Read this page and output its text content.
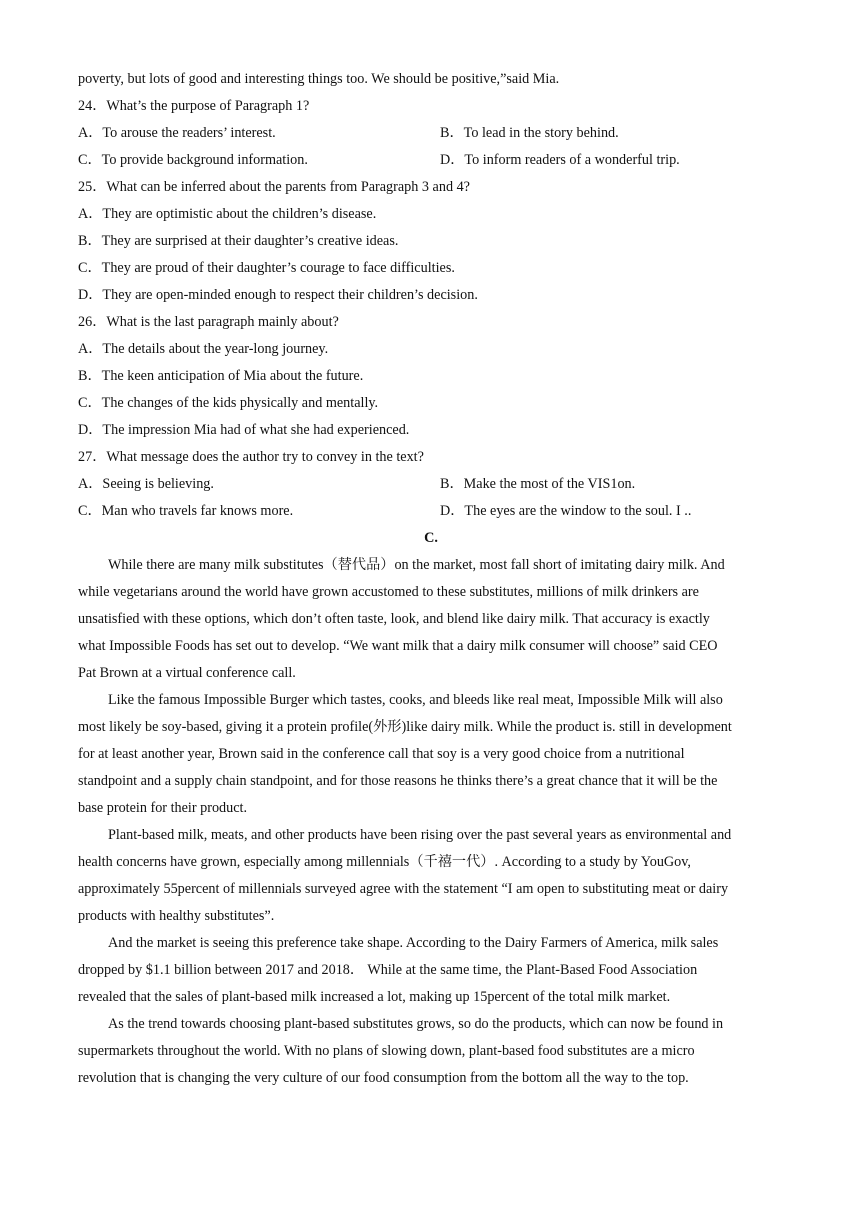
poverty, but lots of good and interesting things too. We should be positive,”said Mia.
24．What’s the purpose of Paragraph 1?
A．To arouse the readers’ interest.	B．To lead in the story behind.
C．To provide background information.	D．To inform readers of a wonderful trip.
25．What can be inferred about the parents from Paragraph 3 and 4?
A．They are optimistic about the children’s disease.
B．They are surprised at their daughter’s creative ideas.
C．They are proud of their daughter’s courage to face difficulties.
D．They are open-minded enough to respect their children’s decision.
26．What is the last paragraph mainly about?
A．The details about the year-long journey.
B．The keen anticipation of Mia about the future.
C．The changes of the kids physically and mentally.
D．The impression Mia had of what she had experienced.
27．What message does the author try to convey in the text?
A．Seeing is believing.	B．Make the most of the VIS1on.
C．Man who travels far knows more.	D．The eyes are the window to the soul. I ..
C.
While there are many milk substitutes（替代品）on the market, most fall short of imitating dairy milk. And
while vegetarians around the world have grown accustomed to these substitutes, millions of milk drinkers are
unsatisfied with these options, which don’t often taste, look, and blend like dairy milk. That accuracy is exactly
what Impossible Foods has set out to develop. “We want milk that a dairy milk consumer will choose” said CEO
Pat Brown at a virtual conference call.
Like the famous Impossible Burger which tastes, cooks, and bleeds like real meat, Impossible Milk will also
most likely be soy-based, giving it a protein profile(外形)like dairy milk. While the product is. still in development
for at least another year, Brown said in the conference call that soy is a very good choice from a nutritional
standpoint and a supply chain standpoint, and for those reasons he thinks there’s a great chance that it will be the
base protein for their product.
Plant-based milk, meats, and other products have been rising over the past several years as environmental and
health concerns have grown, especially among millennials（千禧一代）. According to a study by YouGov,
approximately 55percent of millennials surveyed agree with the statement “I am open to substituting meat or dairy
products with healthy substitutes”.
And the market is seeing this preference take shape. According to the Dairy Farmers of America, milk sales
dropped by $1.1 billion between 2017 and 2018． While at the same time, the Plant-Based Food Association
revealed that the sales of plant-based milk increased a lot, making up 15percent of the total milk market.
As the trend towards choosing plant-based substitutes grows, so do the products, which can now be found in
supermarkets throughout the world. With no plans of slowing down, plant-based food substitutes are a micro
revolution that is changing the very culture of our food consumption from the bottom all the way to the top.
